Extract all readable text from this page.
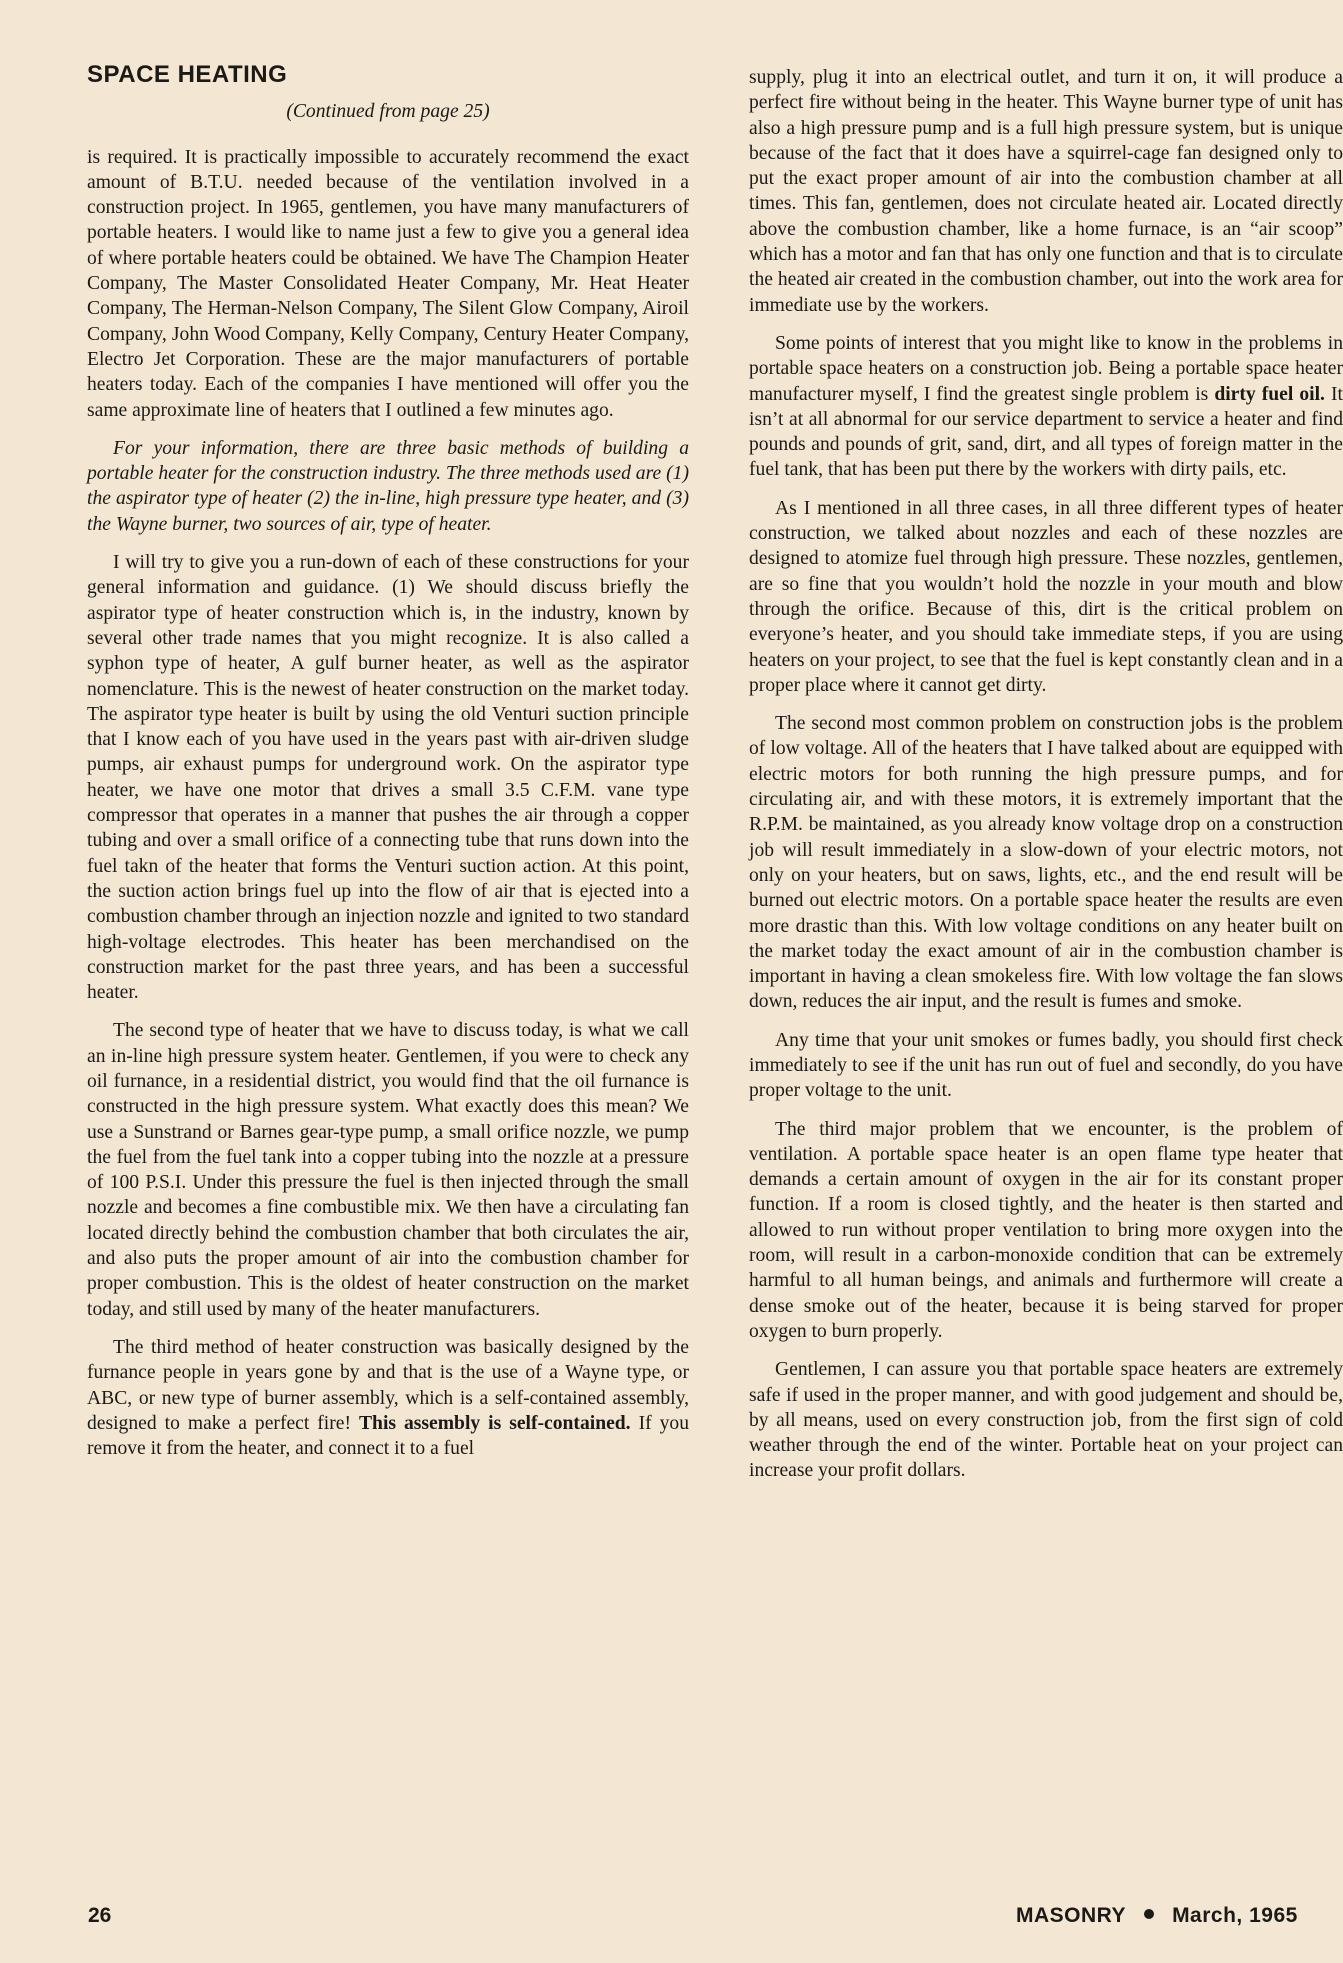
SPACE HEATING
(Continued from page 25)

is required. It is practically impossible to accurately recommend the exact amount of B.T.U. needed because of the ventilation involved in a construction project. In 1965, gentlemen, you have many manufacturers of portable heaters. I would like to name just a few to give you a general idea of where portable heaters could be obtained. We have The Champion Heater Company, The Master Consolidated Heater Company, Mr. Heat Heater Company, The Herman-Nelson Company, The Silent Glow Company, Airoil Company, John Wood Company, Kelly Company, Century Heater Company, Electro Jet Corporation. These are the major manufacturers of portable heaters today. Each of the companies I have mentioned will offer you the same approximate line of heaters that I outlined a few minutes ago.

For your information, there are three basic methods of building a portable heater for the construction industry. The three methods used are (1) the aspirator type of heater (2) the in-line, high pressure type heater, and (3) the Wayne burner, two sources of air, type of heater.

I will try to give you a run-down of each of these constructions for your general information and guidance. (1) We should discuss briefly the aspirator type of heater construction which is, in the industry, known by several other trade names that you might recognize. It is also called a syphon type of heater, A gulf burner heater, as well as the aspirator nomenclature. This is the newest of heater construction on the market today. The aspirator type heater is built by using the old Venturi suction principle that I know each of you have used in the years past with air-driven sludge pumps, air exhaust pumps for underground work. On the aspirator type heater, we have one motor that drives a small 3.5 C.F.M. vane type compressor that operates in a manner that pushes the air through a copper tubing and over a small orifice of a connecting tube that runs down into the fuel takn of the heater that forms the Venturi suction action. At this point, the suction action brings fuel up into the flow of air that is ejected into a combustion chamber through an injection nozzle and ignited to two standard high-voltage electrodes. This heater has been merchandised on the construction market for the past three years, and has been a successful heater.

The second type of heater that we have to discuss today, is what we call an in-line high pressure system heater. Gentlemen, if you were to check any oil furnance, in a residential district, you would find that the oil furnance is constructed in the high pressure system. What exactly does this mean? We use a Sunstrand or Barnes gear-type pump, a small orifice nozzle, we pump the fuel from the fuel tank into a copper tubing into the nozzle at a pressure of 100 P.S.I. Under this pressure the fuel is then injected through the small nozzle and becomes a fine combustible mix. We then have a circulating fan located directly behind the combustion chamber that both circulates the air, and also puts the proper amount of air into the combustion chamber for proper combustion. This is the oldest of heater construction on the market today, and still used by many of the heater manufacturers.

The third method of heater construction was basically designed by the furnance people in years gone by and that is the use of a Wayne type, or ABC, or new type of burner assembly, which is a self-contained assembly, designed to make a perfect fire! This assembly is self-contained. If you remove it from the heater, and connect it to a fuel

supply, plug it into an electrical outlet, and turn it on, it will produce a perfect fire without being in the heater. This Wayne burner type of unit has also a high pressure pump and is a full high pressure system, but is unique because of the fact that it does have a squirrel-cage fan designed only to put the exact proper amount of air into the combustion chamber at all times. This fan, gentlemen, does not circulate heated air. Located directly above the combustion chamber, like a home furnace, is an “air scoop” which has a motor and fan that has only one function and that is to circulate the heated air created in the combustion chamber, out into the work area for immediate use by the workers.

Some points of interest that you might like to know in the problems in portable space heaters on a construction job. Being a portable space heater manufacturer myself, I find the greatest single problem is dirty fuel oil. It isn’t at all abnormal for our service department to service a heater and find pounds and pounds of grit, sand, dirt, and all types of foreign matter in the fuel tank, that has been put there by the workers with dirty pails, etc.

As I mentioned in all three cases, in all three different types of heater construction, we talked about nozzles and each of these nozzles are designed to atomize fuel through high pressure. These nozzles, gentlemen, are so fine that you wouldn’t hold the nozzle in your mouth and blow through the orifice. Because of this, dirt is the critical problem on everyone’s heater, and you should take immediate steps, if you are using heaters on your project, to see that the fuel is kept constantly clean and in a proper place where it cannot get dirty.

The second most common problem on construction jobs is the problem of low voltage. All of the heaters that I have talked about are equipped with electric motors for both running the high pressure pumps, and for circulating air, and with these motors, it is extremely important that the R.P.M. be maintained, as you already know voltage drop on a construction job will result immediately in a slow-down of your electric motors, not only on your heaters, but on saws, lights, etc., and the end result will be burned out electric motors. On a portable space heater the results are even more drastic than this. With low voltage conditions on any heater built on the market today the exact amount of air in the combustion chamber is important in having a clean smokeless fire. With low voltage the fan slows down, reduces the air input, and the result is fumes and smoke.

Any time that your unit smokes or fumes badly, you should first check immediately to see if the unit has run out of fuel and secondly, do you have proper voltage to the unit.

The third major problem that we encounter, is the problem of ventilation. A portable space heater is an open flame type heater that demands a certain amount of oxygen in the air for its constant proper function. If a room is closed tightly, and the heater is then started and allowed to run without proper ventilation to bring more oxygen into the room, will result in a carbon-monoxide condition that can be extremely harmful to all human beings, and animals and furthermore will create a dense smoke out of the heater, because it is being starved for proper oxygen to burn properly.

Gentlemen, I can assure you that portable space heaters are extremely safe if used in the proper manner, and with good judgement and should be, by all means, used on every construction job, from the first sign of cold weather through the end of the winter. Portable heat on your project can increase your profit dollars.

26	MASONRY March, 1965
